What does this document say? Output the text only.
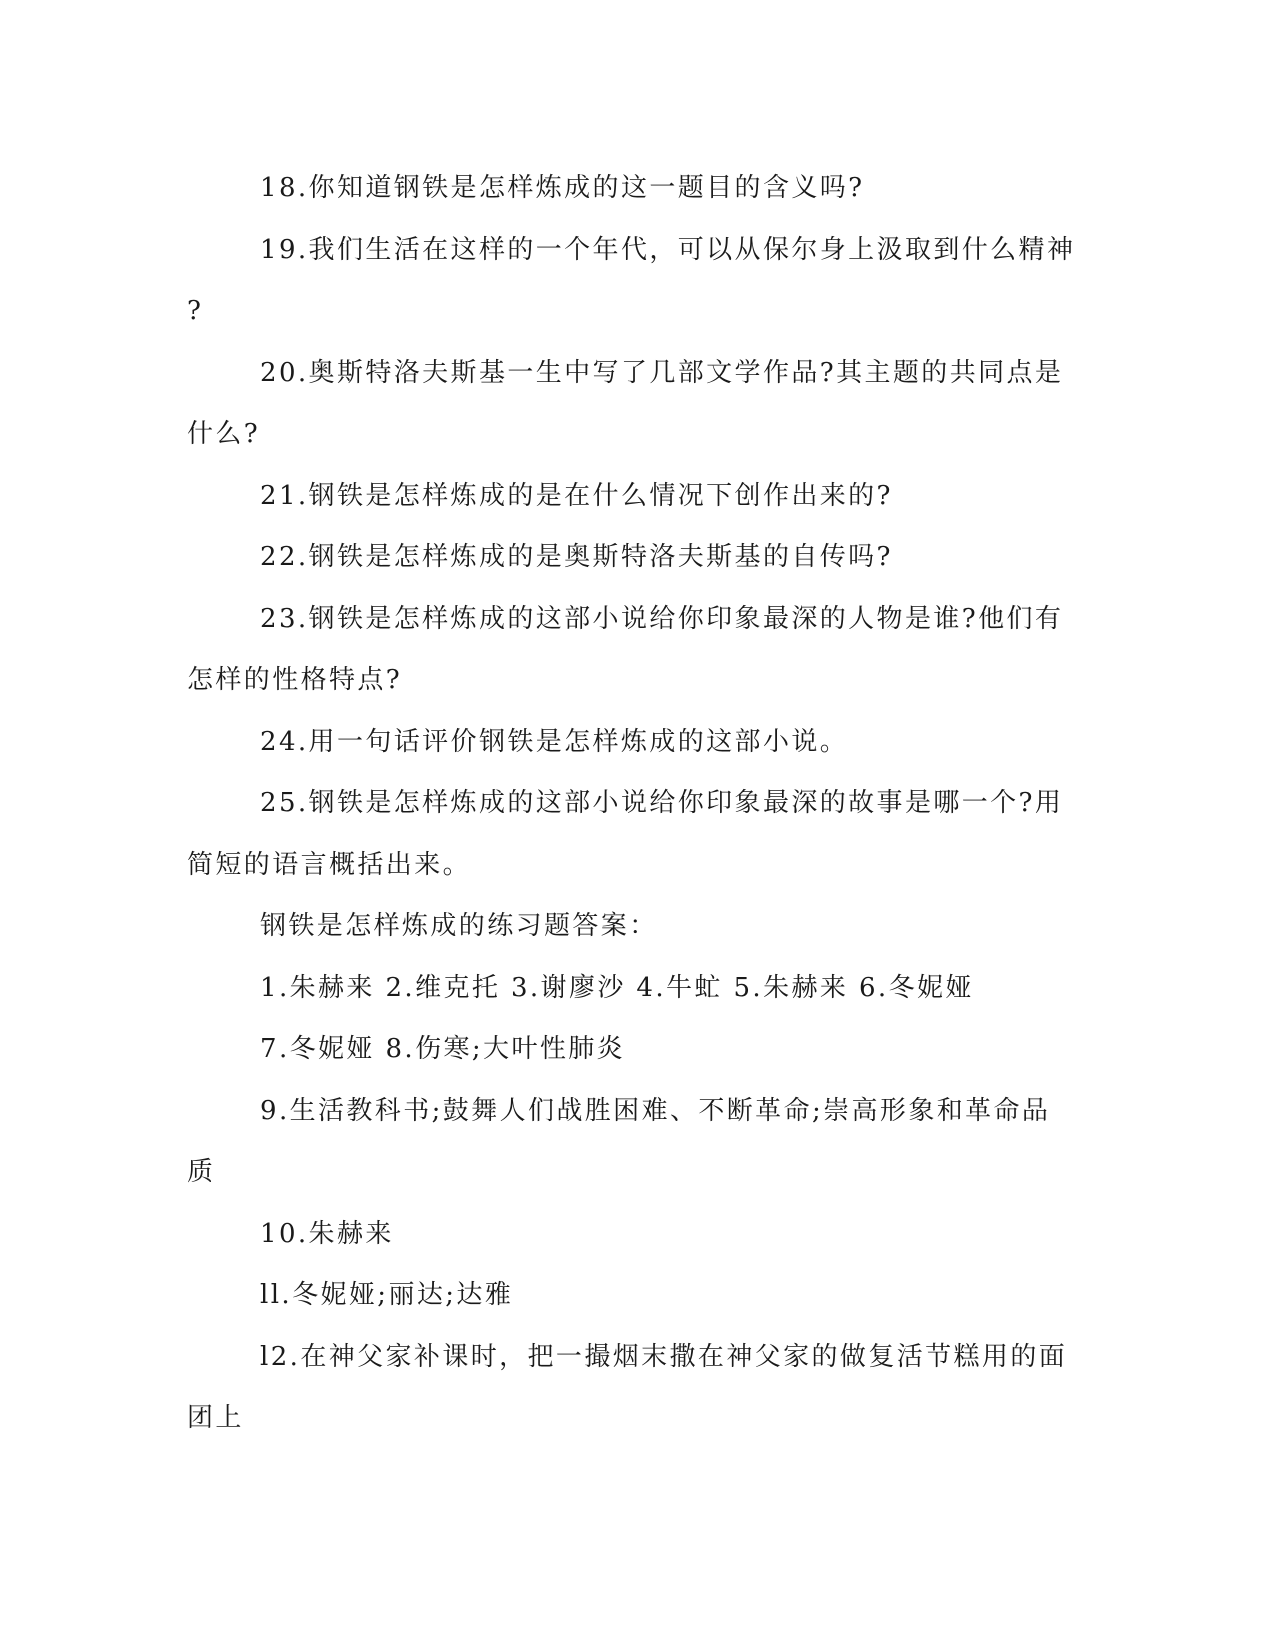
18.你知道钢铁是怎样炼成的这一题目的含义吗?
19.我们生活在这样的一个年代，可以从保尔身上汲取到什么精神
?
20.奥斯特洛夫斯基一生中写了几部文学作品?其主题的共同点是
什么?
21.钢铁是怎样炼成的是在什么情况下创作出来的?
22.钢铁是怎样炼成的是奥斯特洛夫斯基的自传吗?
23.钢铁是怎样炼成的这部小说给你印象最深的人物是谁?他们有
怎样的性格特点?
24.用一句话评价钢铁是怎样炼成的这部小说。
25.钢铁是怎样炼成的这部小说给你印象最深的故事是哪一个?用
简短的语言概括出来。
钢铁是怎样炼成的练习题答案：
1.朱赫来 2.维克托 3.谢廖沙 4.牛虻 5.朱赫来 6.冬妮娅
7.冬妮娅 8.伤寒;大叶性肺炎
9.生活教科书;鼓舞人们战胜困难、不断革命;崇高形象和革命品
质
10.朱赫来
ll.冬妮娅;丽达;达雅
l2.在神父家补课时，把一撮烟末撒在神父家的做复活节糕用的面
团上
